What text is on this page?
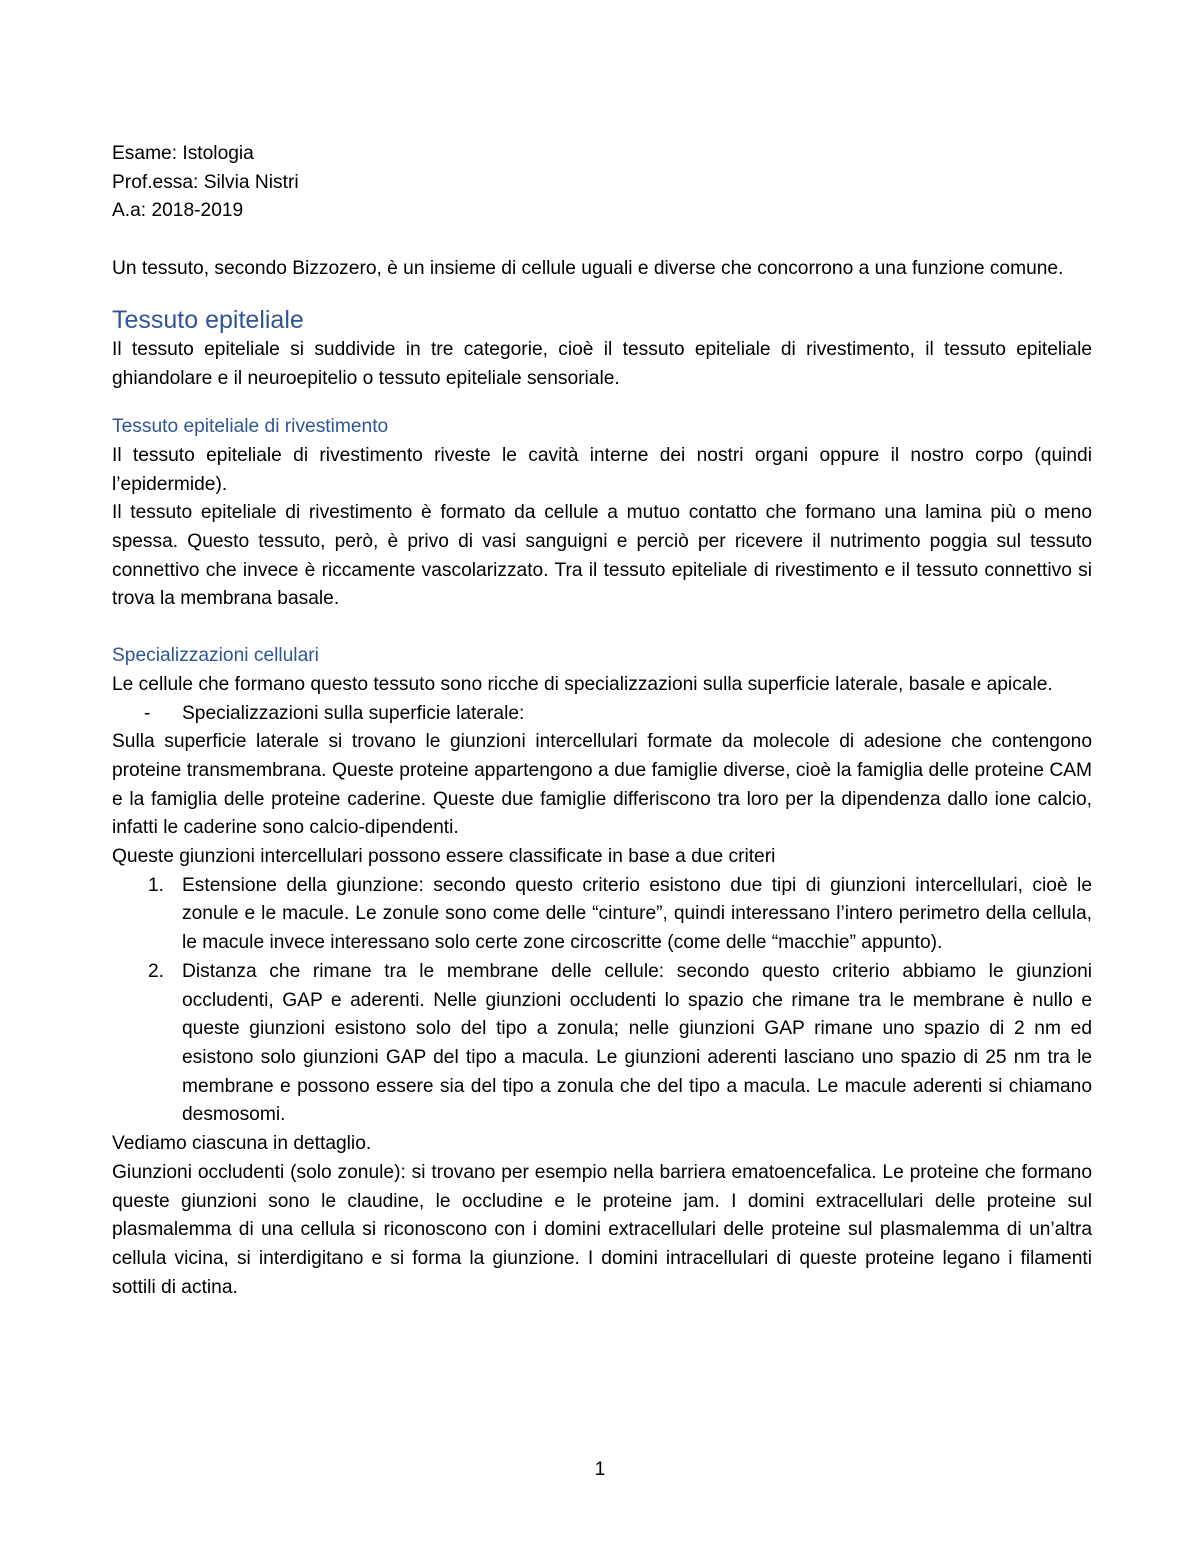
Esame: Istologia

Prof.essa: Silvia Nistri

A.a: 2018-2019

Un tessuto, secondo Bizzozero, è un insieme di cellule uguali e diverse che concorrono a una funzione comune.

Tessuto epiteliale

Il tessuto epiteliale si suddivide in tre categorie, cioè il tessuto epiteliale di rivestimento, il tessuto epiteliale ghiandolare e il neuroepitelio o tessuto epiteliale sensoriale.

Tessuto epiteliale di rivestimento

Il tessuto epiteliale di rivestimento riveste le cavità interne dei nostri organi oppure il nostro corpo (quindi l’epidermide).

Il tessuto epiteliale di rivestimento è formato da cellule a mutuo contatto che formano una lamina più o meno spessa. Questo tessuto, però, è privo di vasi sanguigni e perciò per ricevere il nutrimento poggia sul tessuto connettivo che invece è riccamente vascolarizzato. Tra il tessuto epiteliale di rivestimento e il tessuto connettivo si trova la membrana basale.

Specializzazioni cellulari

Le cellule che formano questo tessuto sono ricche di specializzazioni sulla superficie laterale, basale e apicale.

-	Specializzazioni sulla superficie laterale:

Sulla superficie laterale si trovano le giunzioni intercellulari formate da molecole di adesione che contengono proteine transmembrana. Queste proteine appartengono a due famiglie diverse, cioè la famiglia delle proteine CAM e la famiglia delle proteine caderine. Queste due famiglie differiscono tra loro per la dipendenza dallo ione calcio, infatti le caderine sono calcio-dipendenti.

Queste giunzioni intercellulari possono essere classificate in base a due criteri

1. Estensione della giunzione: secondo questo criterio esistono due tipi di giunzioni intercellulari, cioè le zonule e le macule. Le zonule sono come delle “cinture”, quindi interessano l’intero perimetro della cellula, le macule invece interessano solo certe zone circoscritte (come delle “macchie” appunto).
2. Distanza che rimane tra le membrane delle cellule: secondo questo criterio abbiamo le giunzioni occludenti, GAP e aderenti. Nelle giunzioni occludenti lo spazio che rimane tra le membrane è nullo e queste giunzioni esistono solo del tipo a zonula; nelle giunzioni GAP rimane uno spazio di 2 nm ed esistono solo giunzioni GAP del tipo a macula. Le giunzioni aderenti lasciano uno spazio di 25 nm tra le membrane e possono essere sia del tipo a zonula che del tipo a macula. Le macule aderenti si chiamano desmosomi.

Vediamo ciascuna in dettaglio.

Giunzioni occludenti (solo zonule): si trovano per esempio nella barriera ematoencefalica. Le proteine che formano queste giunzioni sono le claudine, le occludine e le proteine jam. I domini extracellulari delle proteine sul plasmalemma di una cellula si riconoscono con i domini extracellulari delle proteine sul plasmalemma di un’altra cellula vicina, si interdigitano e si forma la giunzione. I domini intracellulari di queste proteine legano i filamenti sottili di actina.

1
